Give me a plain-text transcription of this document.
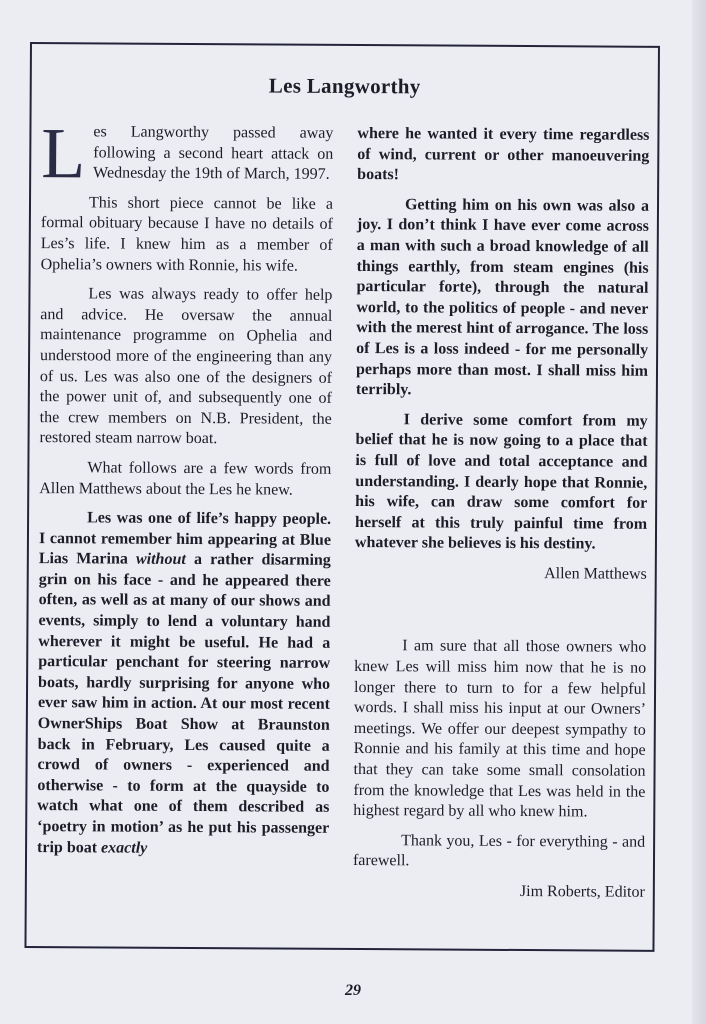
Les Langworthy

Les Langworthy passed away following a second heart attack on Wednesday the 19th of March, 1997.

This short piece cannot be like a formal obituary because I have no details of Les’s life. I knew him as a member of Ophelia’s owners with Ronnie, his wife.

Les was always ready to offer help and advice. He oversaw the annual maintenance programme on Ophelia and understood more of the engineering than any of us. Les was also one of the designers of the power unit of, and subsequently one of the crew members on N.B. President, the restored steam narrow boat.

What follows are a few words from Allen Matthews about the Les he knew.

Les was one of life’s happy people. I cannot remember him appearing at Blue Lias Marina without a rather disarming grin on his face - and he appeared there often, as well as at many of our shows and events, simply to lend a voluntary hand wherever it might be useful. He had a particular penchant for steering narrow boats, hardly surprising for anyone who ever saw him in action. At our most recent OwnerShips Boat Show at Braunston back in February, Les caused quite a crowd of owners - experienced and otherwise - to form at the quayside to watch what one of them described as ‘poetry in motion’ as he put his passenger trip boat exactly

where he wanted it every time regardless of wind, current or other manoeuvering boats!

Getting him on his own was also a joy. I don’t think I have ever come across a man with such a broad knowledge of all things earthly, from steam engines (his particular forte), through the natural world, to the politics of people - and never with the merest hint of arrogance. The loss of Les is a loss indeed - for me personally perhaps more than most. I shall miss him terribly.

I derive some comfort from my belief that he is now going to a place that is full of love and total acceptance and understanding. I dearly hope that Ronnie, his wife, can draw some comfort for herself at this truly painful time from whatever she believes is his destiny.

Allen Matthews

I am sure that all those owners who knew Les will miss him now that he is no longer there to turn to for a few helpful words. I shall miss his input at our Owners’ meetings. We offer our deepest sympathy to Ronnie and his family at this time and hope that they can take some small consolation from the knowledge that Les was held in the highest regard by all who knew him.

Thank you, Les - for everything - and farewell.

Jim Roberts, Editor

29
